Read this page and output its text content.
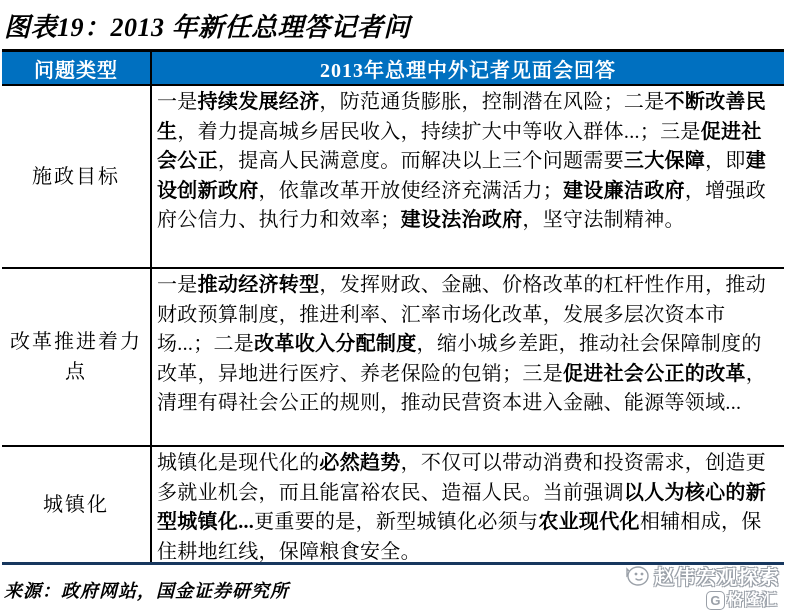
图表19：2013 年新任总理答记者问
问题类型	2013年总理中外记者见面会回答
施政目标
一是持续发展经济，防范通货膨胀，控制潜在风险；二是不断改善民生，着力提高城乡居民收入，持续扩大中等收入群体...；三是促进社会公正，提高人民满意度。而解决以上三个问题需要三大保障，即建设创新政府，依靠改革开放使经济充满活力；建设廉洁政府，增强政府公信力、执行力和效率；建设法治政府，坚守法制精神。
改革推进着力点
一是推动经济转型，发挥财政、金融、价格改革的杠杆性作用，推动财政预算制度，推进利率、汇率市场化改革，发展多层次资本市场...；二是改革收入分配制度，缩小城乡差距，推动社会保障制度的改革，异地进行医疗、养老保险的包销；三是促进社会公正的改革，清理有碍社会公正的规则，推动民营资本进入金融、能源等领域...
城镇化
城镇化是现代化的必然趋势，不仅可以带动消费和投资需求，创造更多就业机会，而且能富裕农民、造福人民。当前强调以人为核心的新型城镇化...更重要的是，新型城镇化必须与农业现代化相辅相成，保住耕地红线，保障粮食安全。
来源：政府网站，国金证券研究所
赵伟宏观探索
G 格隆汇
